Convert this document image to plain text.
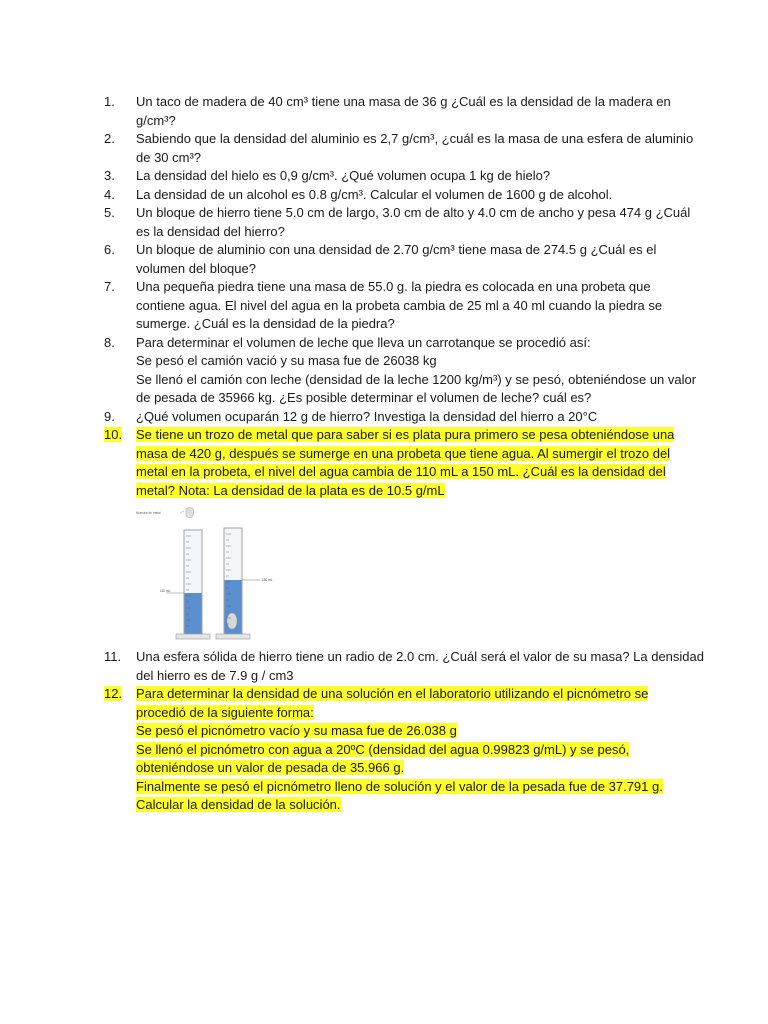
1.	Un taco de madera de 40 cm³ tiene una masa de 36 g ¿Cuál es la densidad de la madera en
g/cm³?
2.	Sabiendo que la densidad del aluminio es 2,7 g/cm³, ¿cuál es la masa de una esfera de aluminio
de 30 cm³?
3.	La densidad del hielo es 0,9 g/cm³. ¿Qué volumen ocupa 1 kg de hielo?
4.	La densidad de un alcohol es 0.8 g/cm³. Calcular el volumen de 1600 g de alcohol.
5.	Un bloque de hierro tiene 5.0 cm de largo, 3.0 cm de alto y 4.0 cm de ancho y pesa 474 g ¿Cuál
es la densidad del hierro?
6.	Un bloque de aluminio con una densidad de 2.70 g/cm³ tiene masa de 274.5 g ¿Cuál es el
volumen del bloque?
7.	Una pequeña piedra tiene una masa de 55.0 g. la piedra es colocada en una probeta que
contiene agua. El nivel del agua en la probeta cambia de 25 ml a 40 ml cuando la piedra se
sumerge. ¿Cuál es la densidad de la piedra?
8.	Para determinar el volumen de leche que lleva un carrotanque se procedió así:
Se pesó el camión vació y su masa fue de 26038 kg
Se llenó el camión con leche (densidad de la leche 1200 kg/m³) y se pesó, obteniéndose un valor
de pesada de 35966 kg. ¿Es posible determinar el volumen de leche? cuál es?
9.	¿Qué volumen ocuparán 12 g de hierro? Investiga la densidad del hierro a 20°C
10.	Se tiene un trozo de metal que para saber si es plata pura primero se pesa obteniéndose una
masa de 420 g, después se sumerge en una probeta que tiene agua. Al sumergir el trozo del
metal en la probeta, el nivel del agua cambia de 110 mL a 150 mL. ¿Cuál es la densidad del
metal? Nota: La densidad de la plata es de 10.5 g/mL
Muestra de metal
110 mL
150 mL
11.	Una esfera sólida de hierro tiene un radio de 2.0 cm. ¿Cuál será el valor de su masa? La densidad
del hierro es de 7.9 g / cm3
12.	Para determinar la densidad de una solución en el laboratorio utilizando el picnómetro se
procedió de la siguiente forma:
Se pesó el picnómetro vacío y su masa fue de 26.038 g
Se llenó el picnómetro con agua a 20ºC (densidad del agua 0.99823 g/mL) y se pesó,
obteniéndose un valor de pesada de 35.966 g.
Finalmente se pesó el picnómetro lleno de solución y el valor de la pesada fue de 37.791 g.
Calcular la densidad de la solución.
